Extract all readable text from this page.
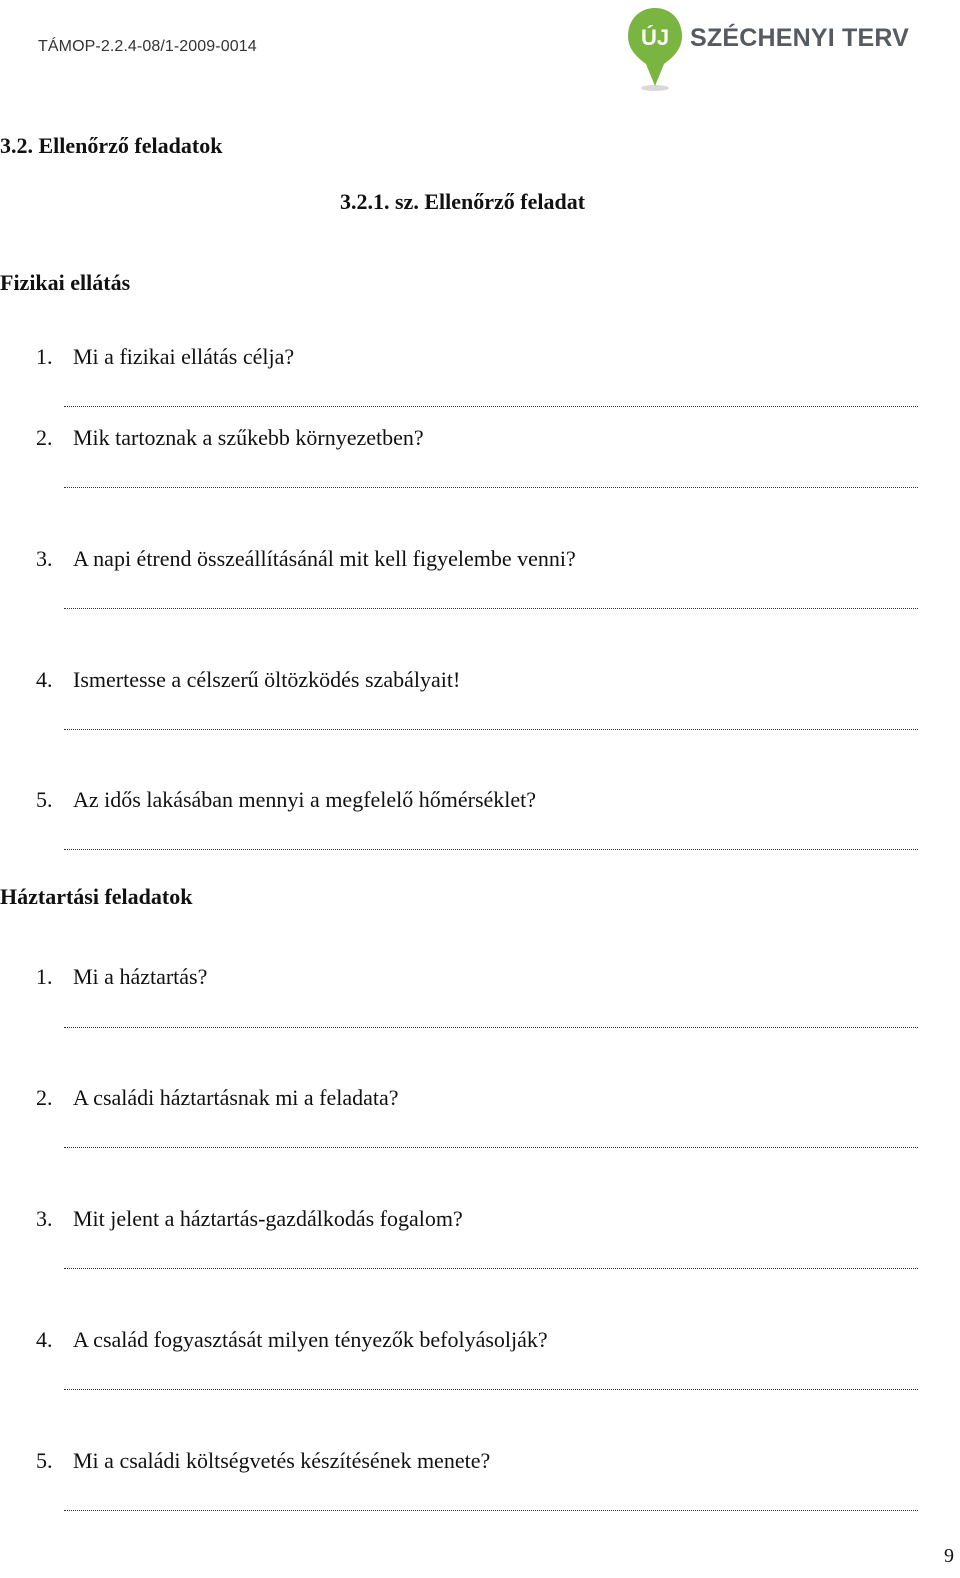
TÁMOP-2.2.4-08/1-2009-0014	ÚJ SZÉCHENYI TERV
3.2. Ellenőrző feladatok
3.2.1. sz. Ellenőrző feladat
Fizikai ellátás
1. Mi a fizikai ellátás célja?
2. Mik tartoznak a szűkebb környezetben?
3. A napi étrend összeállításánál mit kell figyelembe venni?
4. Ismertesse a célszerű öltözködés szabályait!
5. Az idős lakásában mennyi a megfelelő hőmérséklet?
Háztartási feladatok
1. Mi a háztartás?
2. A családi háztartásnak mi a feladata?
3. Mit jelent a háztartás-gazdálkodás fogalom?
4. A család fogyasztását milyen tényezők befolyásolják?
5. Mi a családi költségvetés készítésének menete?
9
